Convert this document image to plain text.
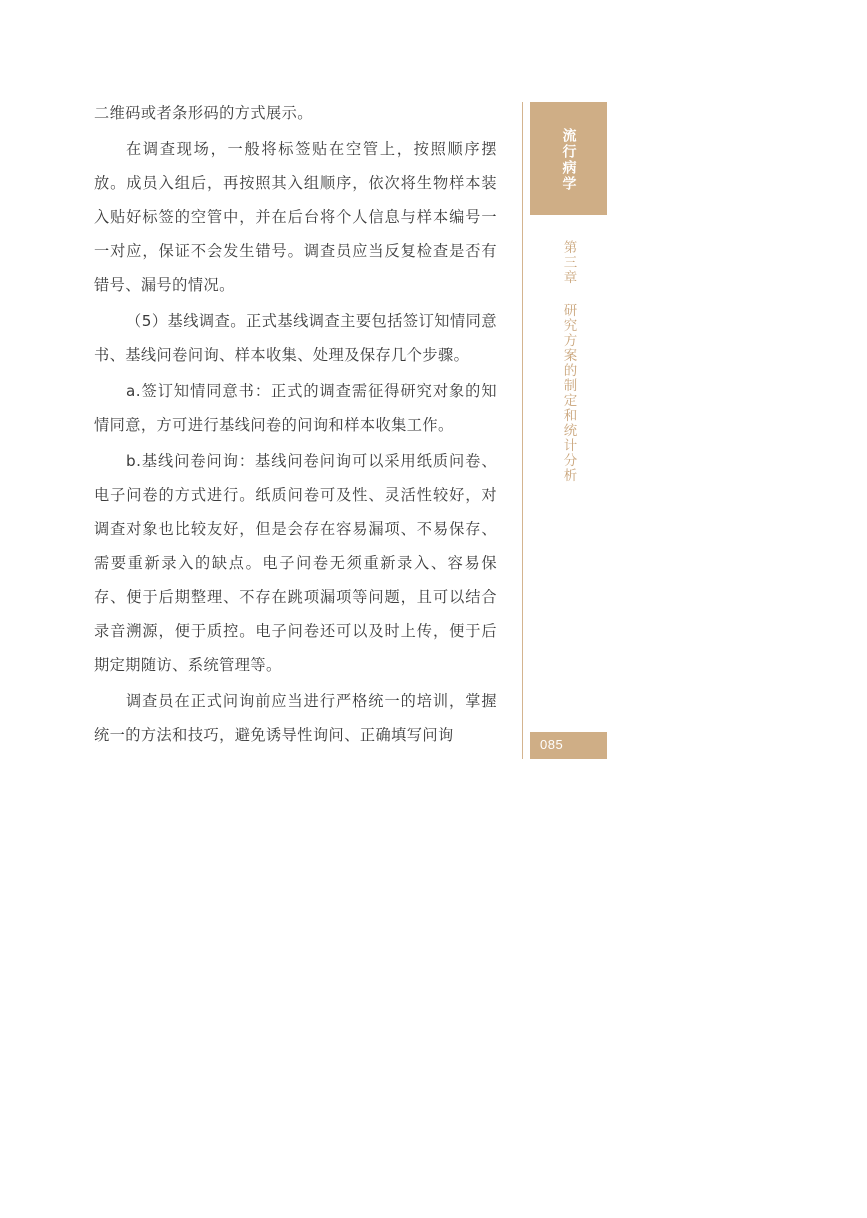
二维码或者条形码的方式展示。

在调查现场，一般将标签贴在空管上，按照顺序摆放。成员入组后，再按照其入组顺序，依次将生物样本装入贴好标签的空管中，并在后台将个人信息与样本编号一一对应，保证不会发生错号。调查员应当反复检查是否有错号、漏号的情况。

（5）基线调查。正式基线调查主要包括签订知情同意书、基线问卷问询、样本收集、处理及保存几个步骤。

a.签订知情同意书：正式的调查需征得研究对象的知情同意，方可进行基线问卷的问询和样本收集工作。

b.基线问卷问询：基线问卷问询可以采用纸质问卷、电子问卷的方式进行。纸质问卷可及性、灵活性较好，对调查对象也比较友好，但是会存在容易漏项、不易保存、需要重新录入的缺点。电子问卷无须重新录入、容易保存、便于后期整理、不存在跳项漏项等问题，且可以结合录音溯源，便于质控。电子问卷还可以及时上传，便于后期定期随访、系统管理等。

调查员在正式问询前应当进行严格统一的培训，掌握统一的方法和技巧，避免诱导性询问、正确填写问询

流行病学
第三章
研究方案的制定和统计分析
085
